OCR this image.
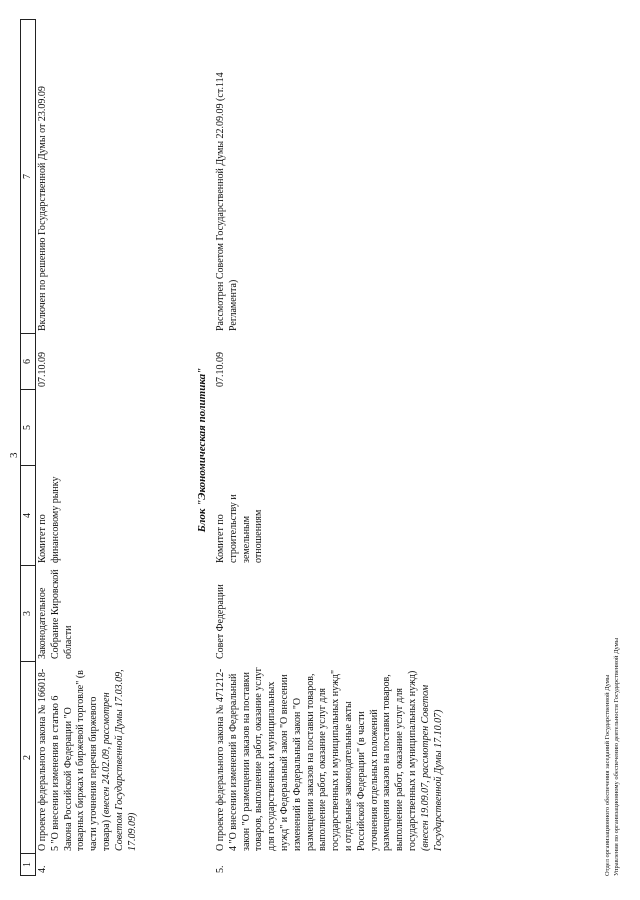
3
1	2	3	4	5	6	7
4.	О проекте федерального закона № 166018-5 "О внесении изменения в статью 6 Закона Российской Федерации "О товарных биржах и биржевой торговле" (в части уточнения перечня биржевого товара) (внесен 24.02.09, рассмотрен Советом Государственной Думы 17.03.09, 17.09.09)	Законодательное Собрание Кировской области	Комитет по финансовому рынку		07.10.09	Включен по решению Государственной Думы от 23.09.09
Блок "Экономическая политика"
5.	О проекте федерального закона № 471212-4 "О внесении изменений в Федеральный закон "О размещении заказов на поставки товаров, выполнение работ, оказание услуг для государственных и муниципальных нужд" и Федеральный закон "О внесении изменений в Федеральный закон "О размещении заказов на поставки товаров, выполнение работ, оказание услуг для государственных и муниципальных нужд" и отдельные законодательные акты Российской Федерации" (в части уточнения отдельных положений размещения заказов на поставки товаров, выполнение работ, оказание услуг для государственных и муниципальных нужд) (внесен 19.09.07, рассмотрен Советом Государственной Думы 17.10.07)	Совет Федерации	Комитет по строительству и земельным отношениям		07.10.09	Рассмотрен Советом Государственной Думы 22.09.09 (ст.114 Регламента)
Отдел организационного обеспечения заседаний Государственной Думы Управления по организационному обеспечению деятельности Государственной Думы
